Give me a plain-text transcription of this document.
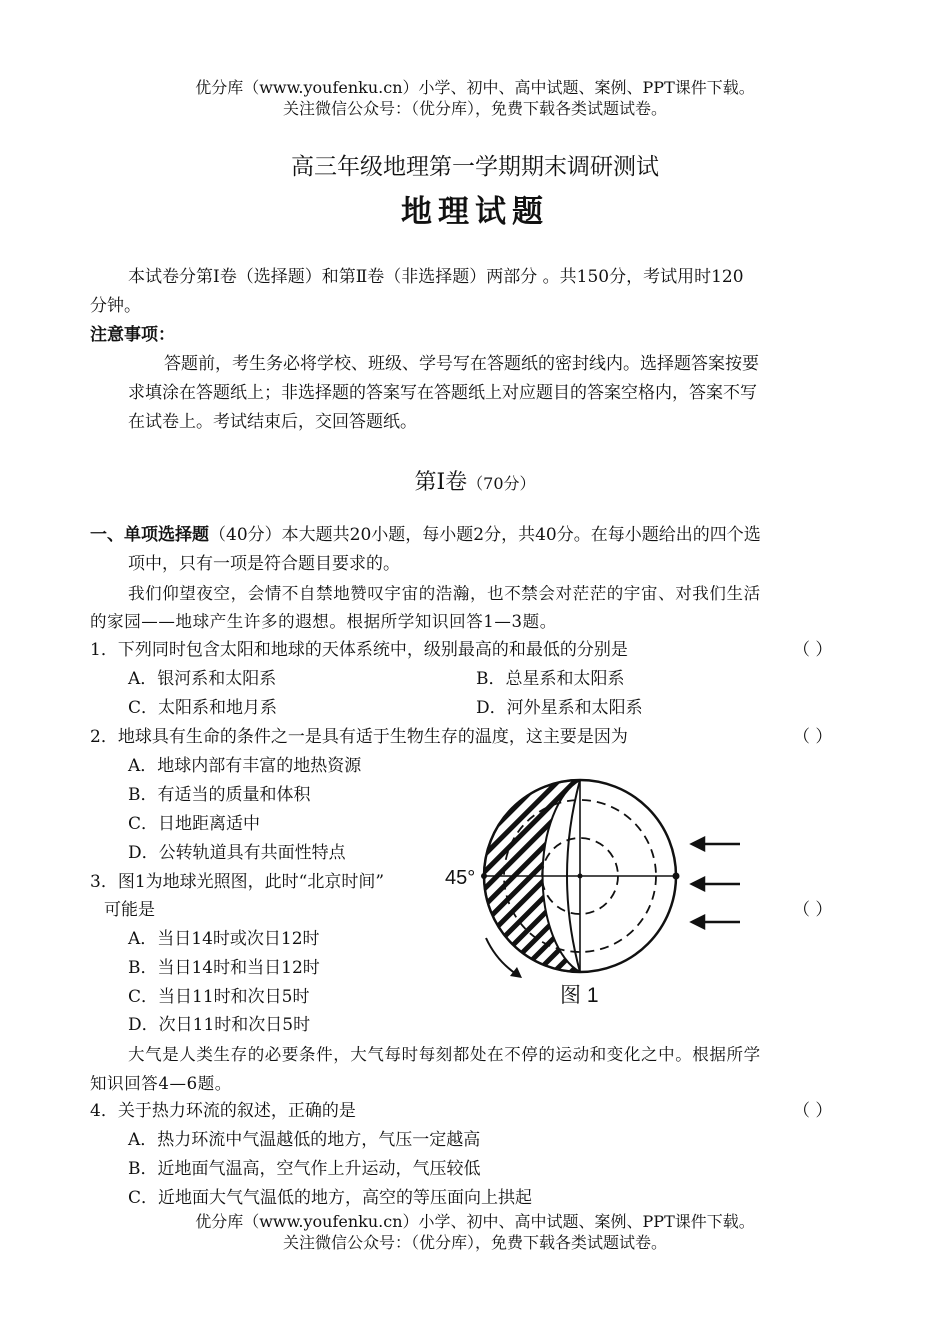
优分库（www.youfenku.cn）小学、初中、高中试题、案例、PPT课件下载。
关注微信公众号：（优分库），免费下载各类试题试卷。
高三年级地理第一学期期末调研测试
地理试题
本试卷分第Ⅰ卷（选择题）和第Ⅱ卷（非选择题）两部分 。共150分，考试用时120
分钟。
注意事项：
答题前，考生务必将学校、班级、学号写在答题纸的密封线内。选择题答案按要
求填涂在答题纸上；非选择题的答案写在答题纸上对应题目的答案空格内，答案不写
在试卷上。考试结束后，交回答题纸。
第Ⅰ卷（70分）
一、单项选择题（40分）本大题共20小题，每小题2分，共40分。在每小题给出的四个选
项中，只有一项是符合题目要求的。
我们仰望夜空，会情不自禁地赞叹宇宙的浩瀚，也不禁会对茫茫的宇宙、对我们生活
的家园——地球产生许多的遐想。根据所学知识回答1—3题。
1．下列同时包含太阳和地球的天体系统中，级别最高的和最低的分别是	（ ）
A．银河系和太阳系	B．总星系和太阳系
C．太阳系和地月系	D．河外星系和太阳系
2．地球具有生命的条件之一是具有适于生物生存的温度，这主要是因为	（ ）
A．地球内部有丰富的地热资源
B．有适当的质量和体积
C．日地距离适中
D．公转轨道具有共面性特点
3．图1为地球光照图，此时“北京时间”
可能是	（ ）
A．当日14时或次日12时
B．当日14时和当日12时
C．当日11时和次日5时
D．次日11时和次日5时
45°
图 1
大气是人类生存的必要条件，大气每时每刻都处在不停的运动和变化之中。根据所学
知识回答4—6题。
4．关于热力环流的叙述，正确的是	（ ）
A．热力环流中气温越低的地方，气压一定越高
B．近地面气温高，空气作上升运动，气压较低
C．近地面大气气温低的地方，高空的等压面向上拱起
优分库（www.youfenku.cn）小学、初中、高中试题、案例、PPT课件下载。
关注微信公众号：（优分库），免费下载各类试题试卷。
